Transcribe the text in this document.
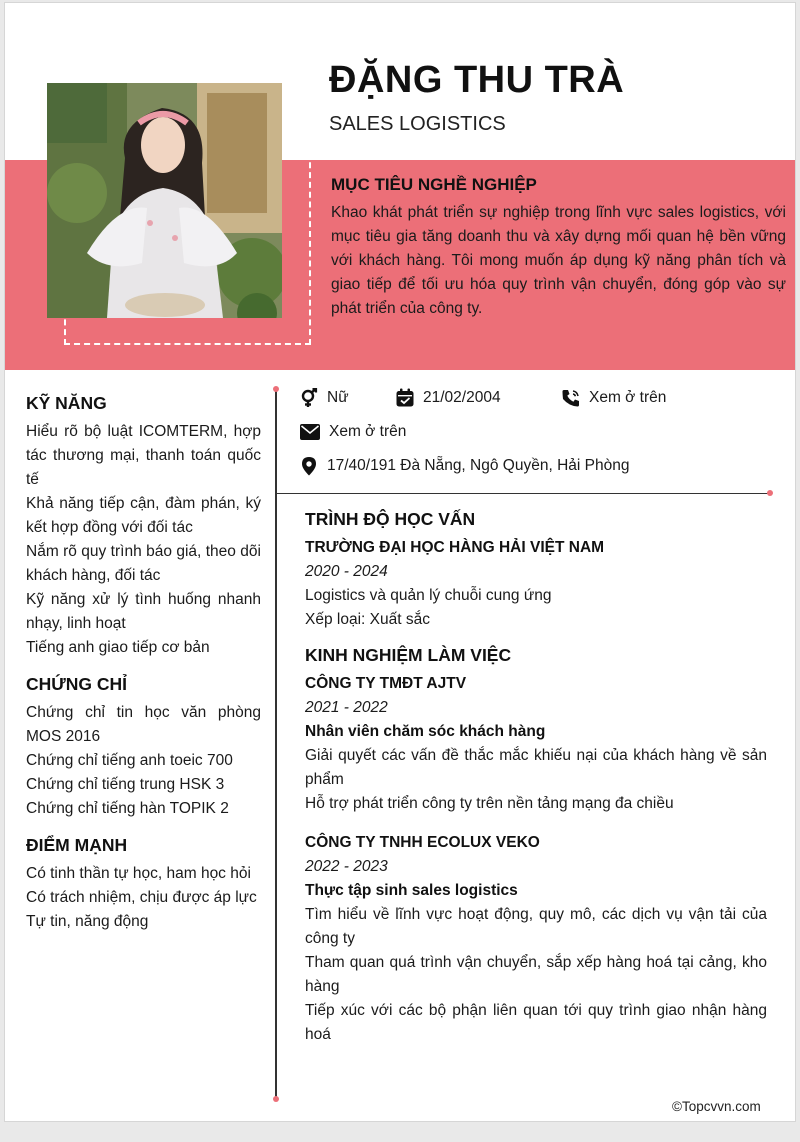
ĐẶNG THU TRÀ
SALES LOGISTICS
MỤC TIÊU NGHỀ NGHIỆP
Khao khát phát triển sự nghiệp trong lĩnh vực sales logistics, với mục tiêu gia tăng doanh thu và xây dựng mối quan hệ bền vững với khách hàng. Tôi mong muốn áp dụng kỹ năng phân tích và giao tiếp để tối ưu hóa quy trình vận chuyển, đóng góp vào sự phát triển của công ty.
KỸ NĂNG
Hiểu rõ bộ luật ICOMTERM, hợp tác thương mại, thanh toán quốc tế
Khả năng tiếp cận, đàm phán, ký kết hợp đồng với đối tác
Nắm rõ quy trình báo giá, theo dõi khách hàng, đối tác
Kỹ năng xử lý tình huống nhanh nhạy, linh hoạt
Tiếng anh giao tiếp cơ bản
CHỨNG CHỈ
Chứng chỉ tin học văn phòng MOS 2016
Chứng chỉ tiếng anh toeic 700
Chứng chỉ tiếng trung HSK 3
Chứng chỉ tiếng hàn TOPIK 2
ĐIỂM MẠNH
Có tinh thần tự học, ham học hỏi
Có trách nhiệm, chịu được áp lực
Tự tin, năng động
Nữ	21/02/2004	Xem ở trên
Xem ở trên
17/40/191 Đà Nẵng, Ngô Quyền, Hải Phòng
TRÌNH ĐỘ HỌC VẤN
TRƯỜNG ĐẠI HỌC HÀNG HẢI VIỆT NAM
2020 - 2024
Logistics và quản lý chuỗi cung ứng
Xếp loại: Xuất sắc
KINH NGHIỆM LÀM VIỆC
CÔNG TY TMĐT AJTV
2021 - 2022
Nhân viên chăm sóc khách hàng
Giải quyết các vấn đề thắc mắc khiếu nại của khách hàng về sản phẩm
Hỗ trợ phát triển công ty trên nền tảng mạng đa chiều
CÔNG TY TNHH ECOLUX VEKO
2022 - 2023
Thực tập sinh sales logistics
Tìm hiểu về lĩnh vực hoạt động, quy mô, các dịch vụ vận tải của công ty
Tham quan quá trình vận chuyển, sắp xếp hàng hoá tại cảng, kho hàng
Tiếp xúc với các bộ phận liên quan tới quy trình giao nhận hàng hoá
©Topcvvn.com
